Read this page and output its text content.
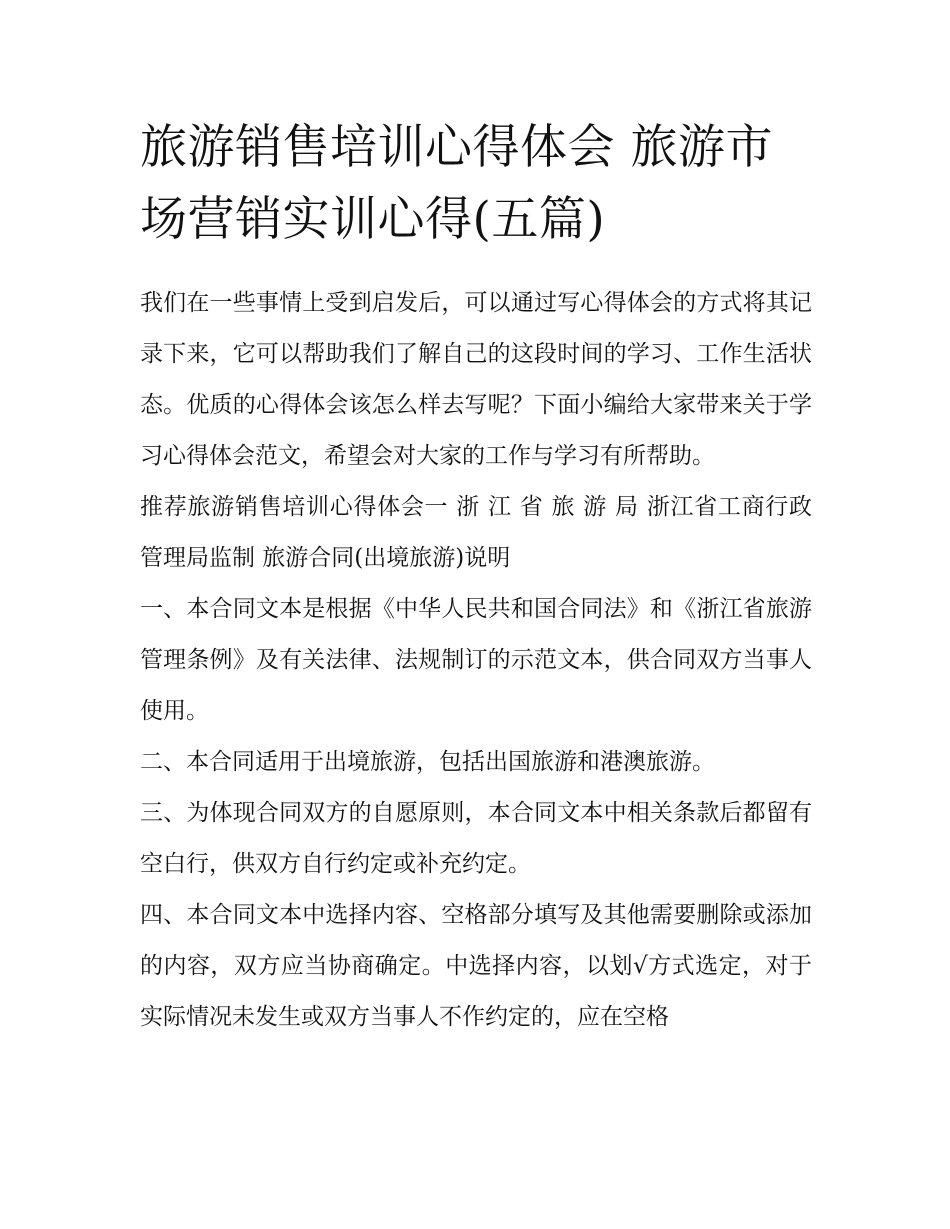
旅游销售培训心得体会 旅游市场营销实训心得(五篇)

我们在一些事情上受到启发后，可以通过写心得体会的方式将其记录下来，它可以帮助我们了解自己的这段时间的学习、工作生活状态。优质的心得体会该怎么样去写呢？下面小编给大家带来关于学习心得体会范文，希望会对大家的工作与学习有所帮助。

推荐旅游销售培训心得体会一 浙 江 省 旅 游 局 浙江省工商行政管理局监制 旅游合同(出境旅游)说明

一、本合同文本是根据《中华人民共和国合同法》和《浙江省旅游管理条例》及有关法律、法规制订的示范文本，供合同双方当事人使用。

二、本合同适用于出境旅游，包括出国旅游和港澳旅游。

三、为体现合同双方的自愿原则，本合同文本中相关条款后都留有空白行，供双方自行约定或补充约定。

四、本合同文本中选择内容、空格部分填写及其他需要删除或添加的内容，双方应当协商确定。中选择内容，以划√方式选定，对于实际情况未发生或双方当事人不作约定的，应在空格
